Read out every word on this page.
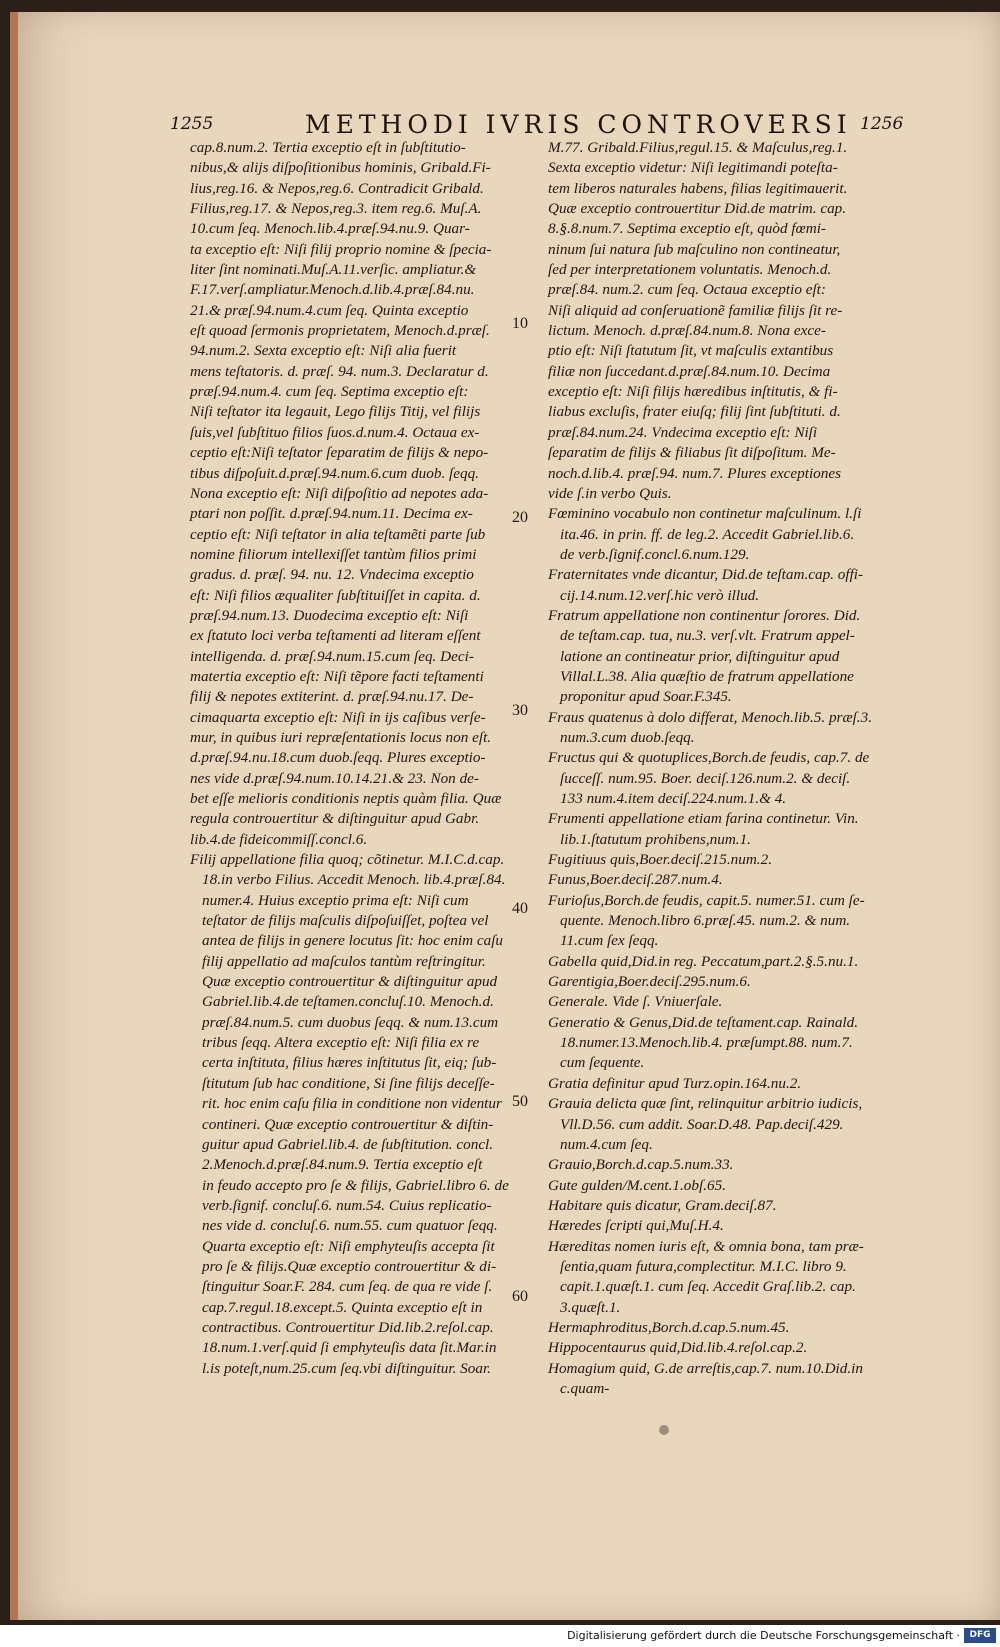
1255	METHODI IVRIS CONTROVERSI 1256
cap.8.num.2. Tertia exceptio eſt in ſubſtitutio-
nibus,& alijs diſpoſitionibus hominis, Gribald.Fi-
lius,reg.16. & Nepos,reg.6. Contradicit Gribald.
Filius,reg.17. & Nepos,reg.3. item reg.6. Muſ.A.
10.cum ſeq. Menoch.lib.4.præſ.94.nu.9. Quar-
ta exceptio eſt: Niſi filij proprio nomine & ſpecia-
liter ſint nominati.Muſ.A.11.verſic. ampliatur.&
F.17.verſ.ampliatur.Menoch.d.lib.4.præſ.84.nu.
21.& præſ.94.num.4.cum ſeq. Quinta exceptio
eſt quoad ſermonis proprietatem, Menoch.d.præſ.
94.num.2. Sexta exceptio eſt: Niſi alia fuerit
mens teſtatoris. d. præſ. 94. num.3. Declaratur d.
præſ.94.num.4. cum ſeq. Septima exceptio eſt:
Niſi teſtator ita legauit, Lego filijs Titij, vel filijs
ſuis,vel ſubſtituo filios ſuos.d.num.4. Octaua ex-
ceptio eſt:Niſi teſtator ſeparatim de filijs & nepo-
tibus diſpoſuit.d.præſ.94.num.6.cum duob. ſeqq.
Nona exceptio eſt: Niſi diſpoſitio ad nepotes ada-
ptari non poſſit. d.præſ.94.num.11. Decima ex-
ceptio eſt: Niſi teſtator in alia teſtamẽti parte ſub
nomine filiorum intellexiſſet tantùm filios primi
gradus. d. præſ. 94. nu. 12. Vndecima exceptio
eſt: Niſi filios æqualiter ſubſtituiſſet in capita. d.
præſ.94.num.13. Duodecima exceptio eſt: Niſi
ex ſtatuto loci verba teſtamenti ad literam eſſent
intelligenda. d. præſ.94.num.15.cum ſeq. Deci-
matertia exceptio eſt: Niſi tẽpore facti teſtamenti
filij & nepotes extiterint. d. præſ.94.nu.17. De-
cimaquarta exceptio eſt: Niſi in ijs caſibus verſe-
mur, in quibus iuri repræſentationis locus non eſt.
d.præſ.94.nu.18.cum duob.ſeqq. Plures exceptio-
nes vide d.præſ.94.num.10.14.21.& 23. Non de-
bet eſſe melioris conditionis neptis quàm filia. Quæ
regula controuertitur & diſtinguitur apud Gabr.
lib.4.de fideicommiſſ.concl.6.
Filij appellatione filia quoq; cõtinetur. M.I.C.d.cap.
18.in verbo Filius. Accedit Menoch. lib.4.præſ.84.
numer.4. Huius exceptio prima eſt: Niſi cum
teſtator de filijs maſculis diſpoſuiſſet, poſtea vel
antea de filijs in genere locutus ſit: hoc enim caſu
filij appellatio ad maſculos tantùm reſtringitur.
Quæ exceptio controuertitur & diſtinguitur apud
Gabriel.lib.4.de teſtamen.concluſ.10. Menoch.d.
præſ.84.num.5. cum duobus ſeqq. & num.13.cum
tribus ſeqq. Altera exceptio eſt: Niſi filia ex re
certa inſtituta, filius hæres inſtitutus ſit, eiq; ſub-
ſtitutum ſub hac conditione, Si ſine filijs deceſſe-
rit. hoc enim caſu filia in conditione non videntur
contineri. Quæ exceptio controuertitur & diſtin-
guitur apud Gabriel.lib.4. de ſubſtitution. concl.
2.Menoch.d.præſ.84.num.9. Tertia exceptio eſt
in feudo accepto pro ſe & filijs, Gabriel.libro 6. de
verb.ſignif. concluſ.6. num.54. Cuius replicatio-
nes vide d. concluſ.6. num.55. cum quatuor ſeqq.
Quarta exceptio eſt: Niſi emphyteuſis accepta ſit
pro ſe & filijs.Quæ exceptio controuertitur & di-
ſtinguitur Soar.F. 284. cum ſeq. de qua re vide ſ.
cap.7.regul.18.except.5. Quinta exceptio eſt in
contractibus. Controuertitur Did.lib.2.reſol.cap.
18.num.1.verſ.quid ſi emphyteuſis data ſit.Mar.in
l.is poteſt,num.25.cum ſeq.vbi diſtinguitur. Soar.
M.77. Gribald.Filius,regul.15. & Maſculus,reg.1.
Sexta exceptio videtur: Niſi legitimandi poteſta-
tem liberos naturales habens, filias legitimauerit.
Quæ exceptio controuertitur Did.de matrim. cap.
8.§.8.num.7. Septima exceptio eſt, quòd fœmi-
ninum ſui natura ſub maſculino non contineatur,
ſed per interpretationem voluntatis. Menoch.d.
præſ.84. num.2. cum ſeq. Octaua exceptio eſt:
Niſi aliquid ad conſeruationẽ familiæ filijs ſit re-
lictum. Menoch. d.præſ.84.num.8. Nona exce-
ptio eſt: Niſi ſtatutum ſit, vt maſculis extantibus
filiæ non ſuccedant.d.præſ.84.num.10. Decima
exceptio eſt: Niſi filijs hæredibus inſtitutis, & fi-
liabus excluſis, frater eiuſq; filij ſint ſubſtituti. d.
præſ.84.num.24. Vndecima exceptio eſt: Niſi
ſeparatim de filijs & filiabus ſit diſpoſitum. Me-
noch.d.lib.4. præſ.94. num.7. Plures exceptiones
vide ſ.in verbo Quis.
Fœminino vocabulo non continetur maſculinum. l.ſi
ita.46. in prin. ff. de leg.2. Accedit Gabriel.lib.6.
de verb.ſignif.concl.6.num.129.
Fraternitates vnde dicantur, Did.de teſtam.cap. offi-
cij.14.num.12.verſ.hic verò illud.
Fratrum appellatione non continentur ſorores. Did.
de teſtam.cap. tua, nu.3. verſ.vlt. Fratrum appel-
latione an contineatur prior, diſtinguitur apud
Villal.L.38. Alia quæſtio de fratrum appellatione
proponitur apud Soar.F.345.
Fraus quatenus à dolo differat, Menoch.lib.5. præſ.3.
num.3.cum duob.ſeqq.
Fructus qui & quotuplices,Borch.de feudis, cap.7. de
ſucceſſ. num.95. Boer. deciſ.126.num.2. & deciſ.
133 num.4.item deciſ.224.num.1.& 4.
Frumenti appellatione etiam farina continetur. Vin.
lib.1.ſtatutum prohibens,num.1.
Fugitiuus quis,Boer.deciſ.215.num.2.
Funus,Boer.deciſ.287.num.4.
Furioſus,Borch.de feudis, capit.5. numer.51. cum ſe-
quente. Menoch.libro 6.præſ.45. num.2. & num.
11.cum ſex ſeqq.
Gabella quid,Did.in reg. Peccatum,part.2.§.5.nu.1.
Garentigia,Boer.deciſ.295.num.6.
Generale. Vide ſ. Vniuerſale.
Generatio & Genus,Did.de teſtament.cap. Rainald.
18.numer.13.Menoch.lib.4. præſumpt.88. num.7.
cum ſequente.
Gratia definitur apud Turz.opin.164.nu.2.
Grauia delicta quæ ſint, relinquitur arbitrio iudicis,
Vll.D.56. cum addit. Soar.D.48. Pap.deciſ.429.
num.4.cum ſeq.
Grauio,Borch.d.cap.5.num.33.
Gute gulden/M.cent.1.obſ.65.
Habitare quis dicatur, Gram.deciſ.87.
Hæredes ſcripti qui,Muſ.H.4.
Hæreditas nomen iuris eſt, & omnia bona, tam præ-
ſentia,quam futura,complectitur. M.I.C. libro 9.
capit.1.quæſt.1. cum ſeq. Accedit Graſ.lib.2. cap.
3.quæſt.1.
Hermaphroditus,Borch.d.cap.5.num.45.
Hippocentaurus quid,Did.lib.4.reſol.cap.2.
Homagium quid, G.de arreſtis,cap.7. num.10.Did.in
c.quam-
10
20
30
40
50
60
Digitalisierung gefördert durch die Deutsche Forschungsgemeinschaft ·	DFG
